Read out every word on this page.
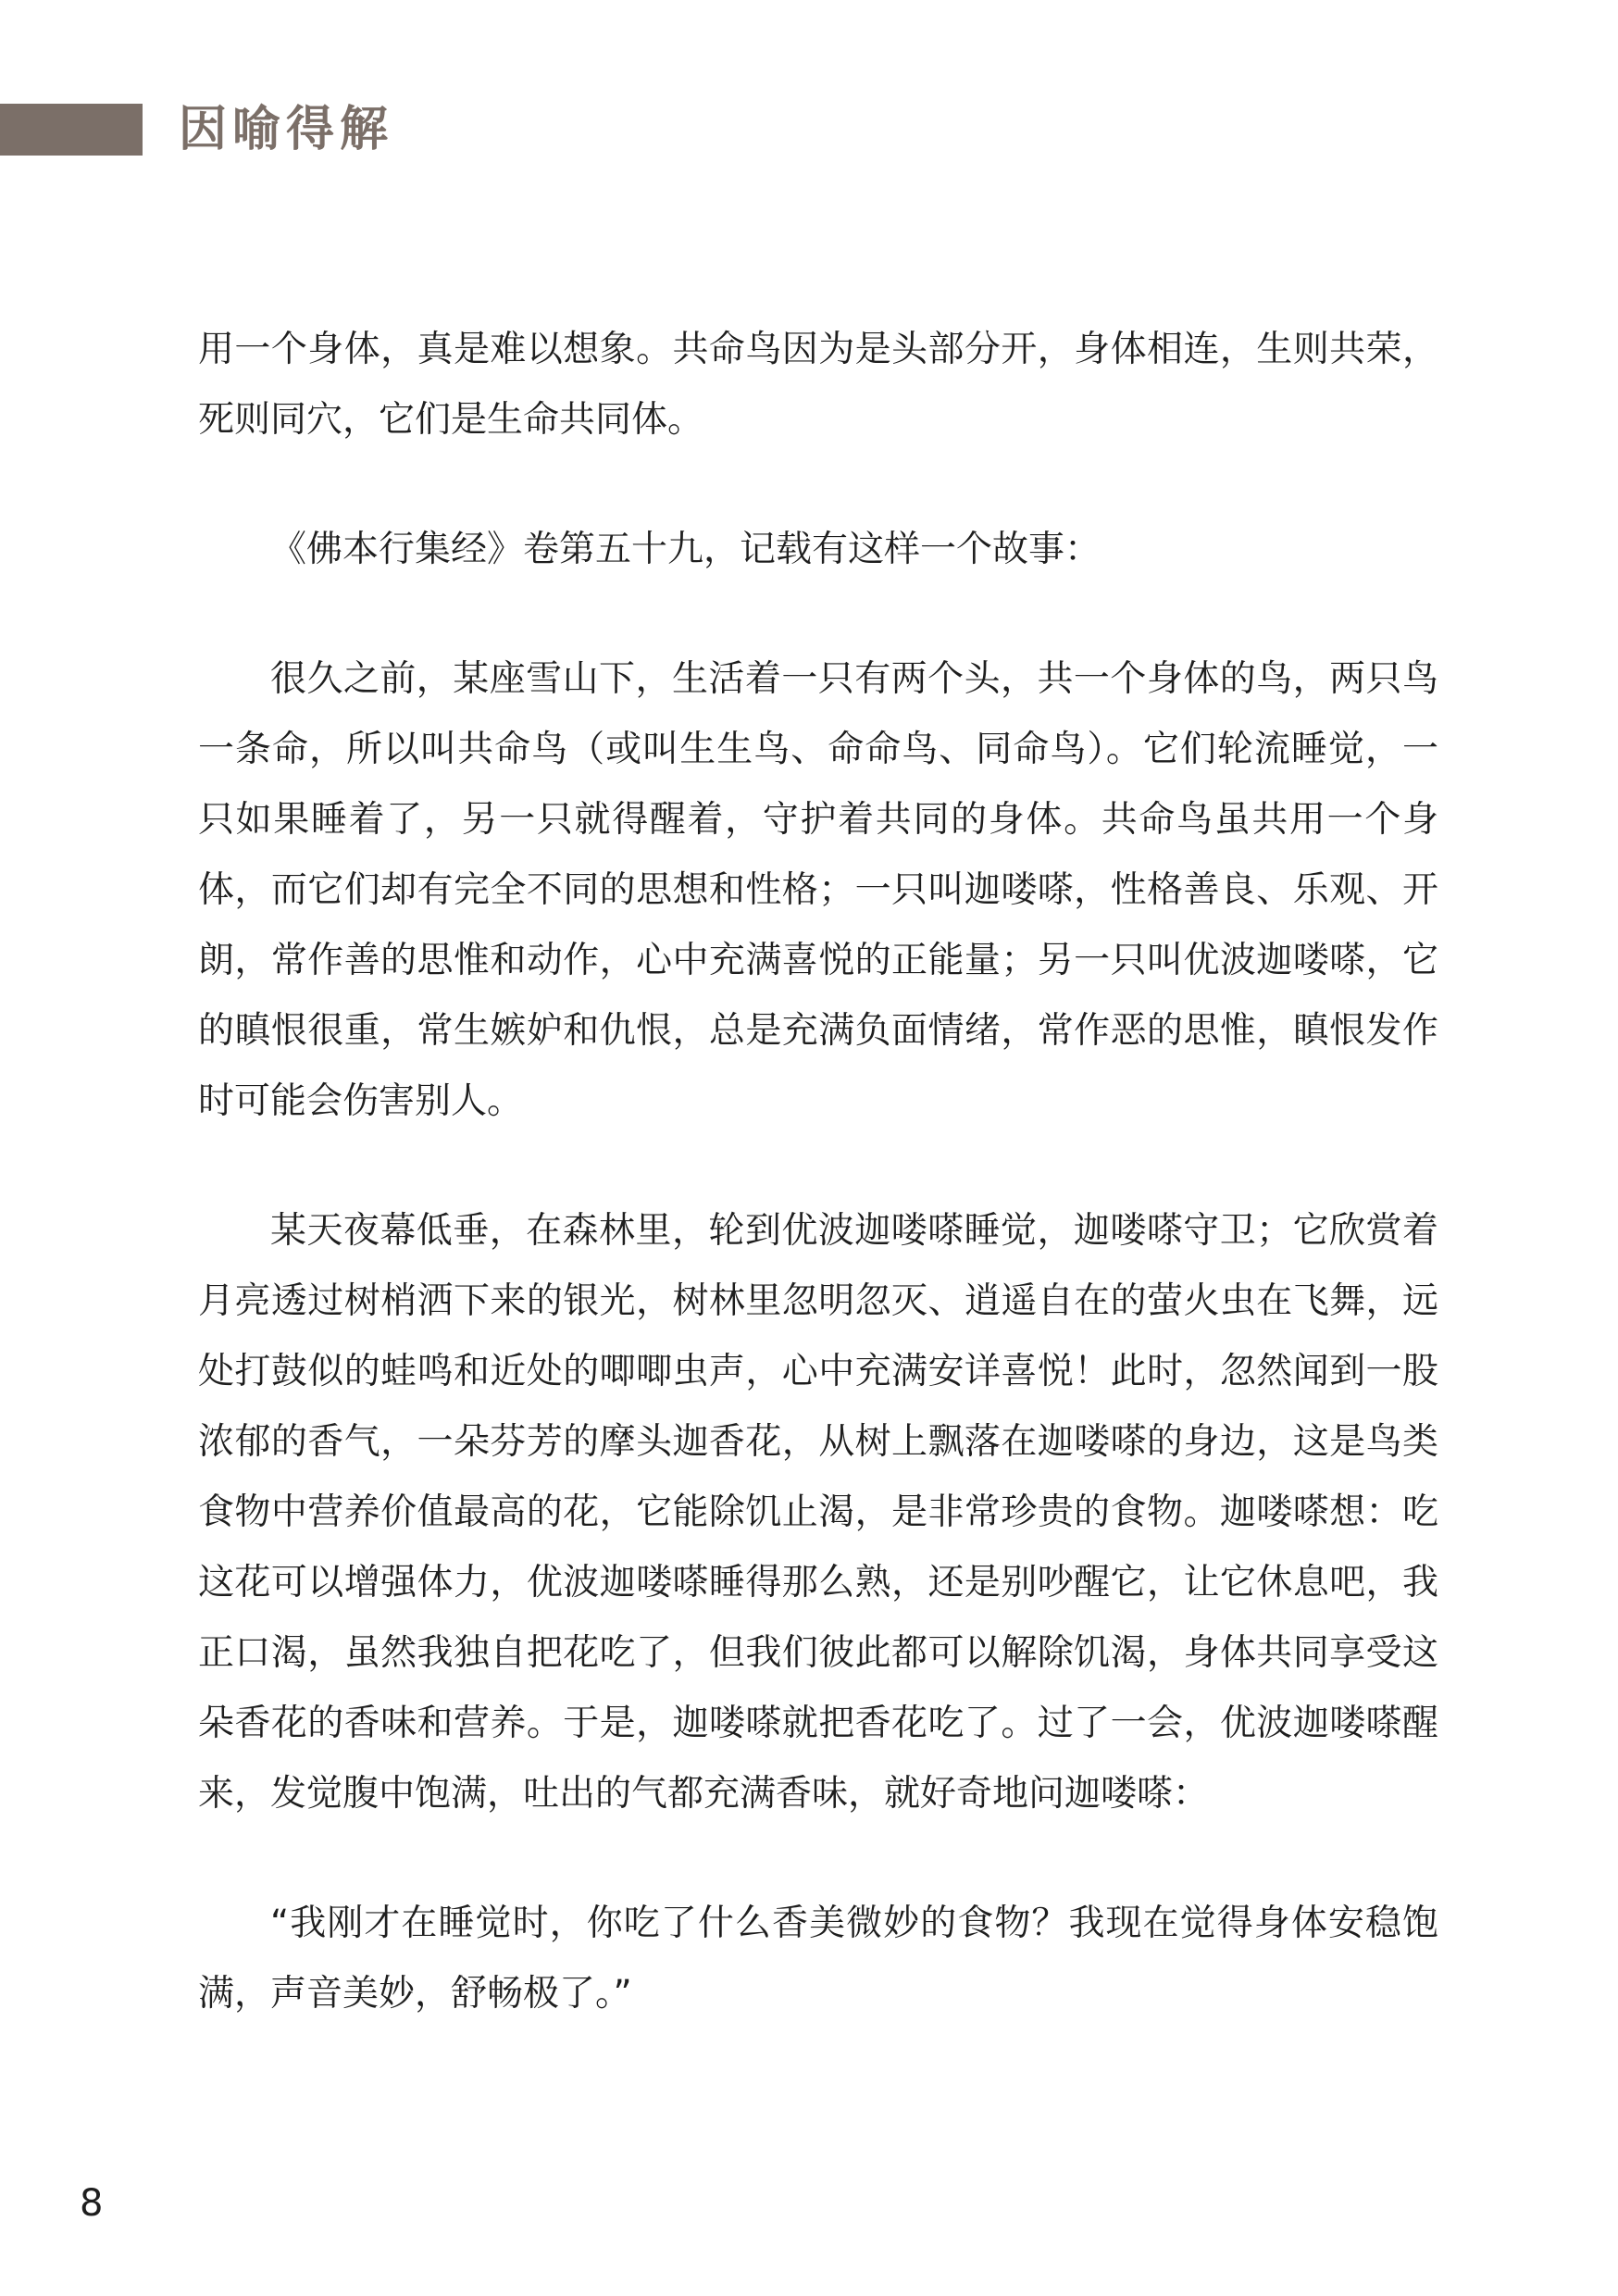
因喻得解

用一个身体，真是难以想象。共命鸟因为是头部分开，身体相连，生则共荣，死则同穴，它们是生命共同体。

《佛本行集经》卷第五十九，记载有这样一个故事：

很久之前，某座雪山下，生活着一只有两个头，共一个身体的鸟，两只鸟一条命，所以叫共命鸟（或叫生生鸟、命命鸟、同命鸟）。它们轮流睡觉，一只如果睡着了，另一只就得醒着，守护着共同的身体。共命鸟虽共用一个身体，而它们却有完全不同的思想和性格；一只叫迦喽嗏，性格善良、乐观、开朗，常作善的思惟和动作，心中充满喜悦的正能量；另一只叫优波迦喽嗏，它的瞋恨很重，常生嫉妒和仇恨，总是充满负面情绪，常作恶的思惟，瞋恨发作时可能会伤害别人。

某天夜幕低垂，在森林里，轮到优波迦喽嗏睡觉，迦喽嗏守卫；它欣赏着月亮透过树梢洒下来的银光，树林里忽明忽灭、逍遥自在的萤火虫在飞舞，远处打鼓似的蛙鸣和近处的唧唧虫声，心中充满安详喜悦！此时，忽然闻到一股浓郁的香气，一朵芬芳的摩头迦香花，从树上飘落在迦喽嗏的身边，这是鸟类食物中营养价值最高的花，它能除饥止渴，是非常珍贵的食物。迦喽嗏想：吃这花可以增强体力，优波迦喽嗏睡得那么熟，还是别吵醒它，让它休息吧，我正口渴，虽然我独自把花吃了，但我们彼此都可以解除饥渴，身体共同享受这朵香花的香味和营养。于是，迦喽嗏就把香花吃了。过了一会，优波迦喽嗏醒来，发觉腹中饱满，吐出的气都充满香味，就好奇地问迦喽嗏：

“我刚才在睡觉时，你吃了什么香美微妙的食物？我现在觉得身体安稳饱满，声音美妙，舒畅极了。”

8
